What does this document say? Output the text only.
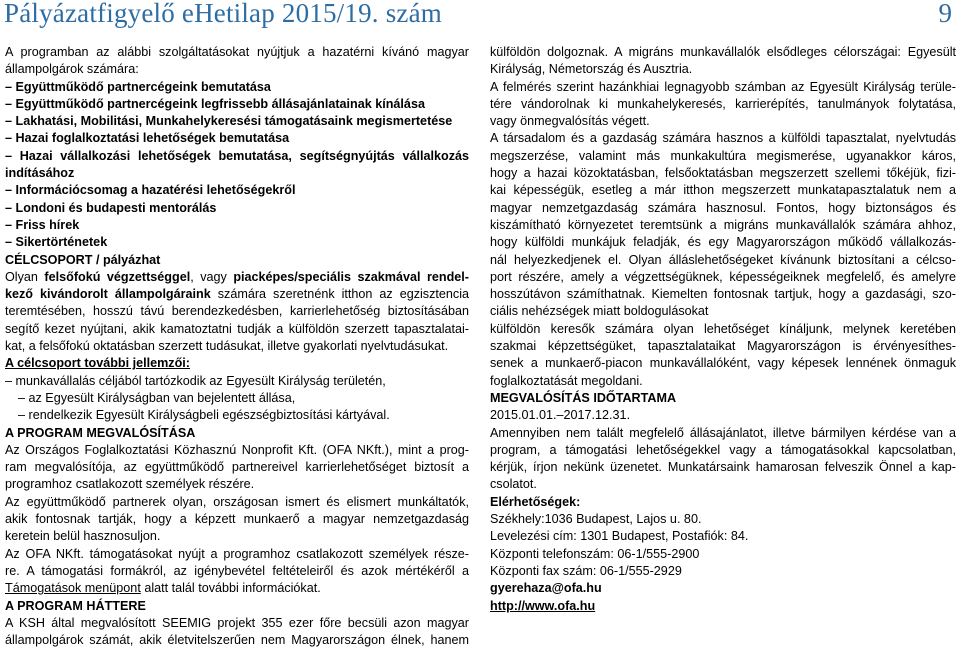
Pályázatfigyelő eHetilap 2015/19. szám	9
A programban az alábbi szolgáltatásokat nyújtjuk a hazatérni kívánó magyar
állampolgárok számára:
– Együttműködő partnercégeink bemutatása
– Együttműködő partnercégeink legfrissebb állásajánlatainak kínálása
– Lakhatási, Mobilitási, Munkahelykeresési támogatásaink megismertetése
– Hazai foglalkoztatási lehetőségek bemutatása
– Hazai vállalkozási lehetőségek bemutatása, segítségnyújtás vállalkozás
indításához
– Információcsomag a hazatérési lehetőségekről
– Londoni és budapesti mentorálás
– Friss hírek
– Sikertörténetek
CÉLCSOPORT / pályázhat
Olyan felsőfokú végzettséggel, vagy piacképes/speciális szakmával rendel-
kező kivándorolt állampolgáraink számára szeretnénk itthon az egzisztencia
teremtésében, hosszú távú berendezkedésben, karrierlehetőség biztosításában
segítő kezet nyújtani, akik kamatoztatni tudják a külföldön szerzett tapasztalatai-
kat, a felsőfokú oktatásban szerzett tudásukat, illetve gyakorlati nyelvtudásukat.
A célcsoport további jellemzői:
– munkavállalás céljából tartózkodik az Egyesült Királyság területén,
– az Egyesült Királyságban van bejelentett állása,
– rendelkezik Egyesült Királyságbeli egészségbiztosítási kártyával.
A PROGRAM MEGVALÓSÍTÁSA
Az Országos Foglalkoztatási Közhasznú Nonprofit Kft. (OFA NKft.), mint a prog-
ram megvalósítója, az együttműködő partnereivel karrierlehetőséget biztosít a
programhoz csatlakozott személyek részére.
Az együttműködő partnerek olyan, országosan ismert és elismert munkáltatók,
akik fontosnak tartják, hogy a képzett munkaerő a magyar nemzetgazdaság
keretein belül hasznosuljon.
Az OFA NKft. támogatásokat nyújt a programhoz csatlakozott személyek része-
re. A támogatási formákról, az igénybevétel feltételeiről és azok mértékéről a
Támogatások menüpont alatt talál további információkat.
A PROGRAM HÁTTERE
A KSH által megvalósított SEEMIG projekt 355 ezer főre becsüli azon magyar
állampolgárok számát, akik életvitelszerűen nem Magyarországon élnek, hanem
külföldön dolgoznak. A migráns munkavállalók elsődleges célországai: Egyesült
Királyság, Németország és Ausztria.
A felmérés szerint hazánkhiai legnagyobb számban az Egyesült Királyság terüle-
tére vándorolnak ki munkahelykeresés, karrierépítés, tanulmányok folytatása,
vagy önmegvalósítás végett.
A társadalom és a gazdaság számára hasznos a külföldi tapasztalat, nyelvtudás
megszerzése, valamint más munkakultúra megismerése, ugyanakkor káros,
hogy a hazai közoktatásban, felsőoktatásban megszerzett szellemi tőkéjük, fizi-
kai képességük, esetleg a már itthon megszerzett munkatapasztalatuk nem a
magyar nemzetgazdaság számára hasznosul. Fontos, hogy biztonságos és
kiszámítható környezetet teremtsünk a migráns munkavállalók számára ahhoz,
hogy külföldi munkájuk feladják, és egy Magyarországon működő vállalkozás-
nál helyezkedjenek el. Olyan álláslehetőségeket kívánunk biztosítani a célcso-
port részére, amely a végzettségüknek, képességeiknek megfelelő, és amelyre
hosszútávon számíthatnak. Kiemelten fontosnak tartjuk, hogy a gazdasági, szo-
ciális nehézségek miatt boldogulásokat
külföldön keresők számára olyan lehetőséget kínáljunk, melynek keretében
szakmai képzettségüket, tapasztalataikat Magyarországon is érvényesíthes-
senek a munkaerő-piacon munkavállalóként, vagy képesek lennének önmaguk
foglalkoztatását megoldani.
MEGVALÓSÍTÁS IDŐTARTAMA
2015.01.01.–2017.12.31.
Amennyiben nem talált megfelelő állásajánlatot, illetve bármilyen kérdése van a
program, a támogatási lehetőségekkel vagy a támogatásokkal kapcsolatban,
kérjük, írjon nekünk üzenetet. Munkatársaink hamarosan felveszik Önnel a kap-
csolatot.
Elérhetőségek:
Székhely:1036 Budapest, Lajos u. 80.
Levelezési cím: 1301 Budapest, Postafiók: 84.
Központi telefonszám: 06-1/555-2900
Központi fax szám: 06-1/555-2929
gyerehaza@ofa.hu
http://www.ofa.hu
